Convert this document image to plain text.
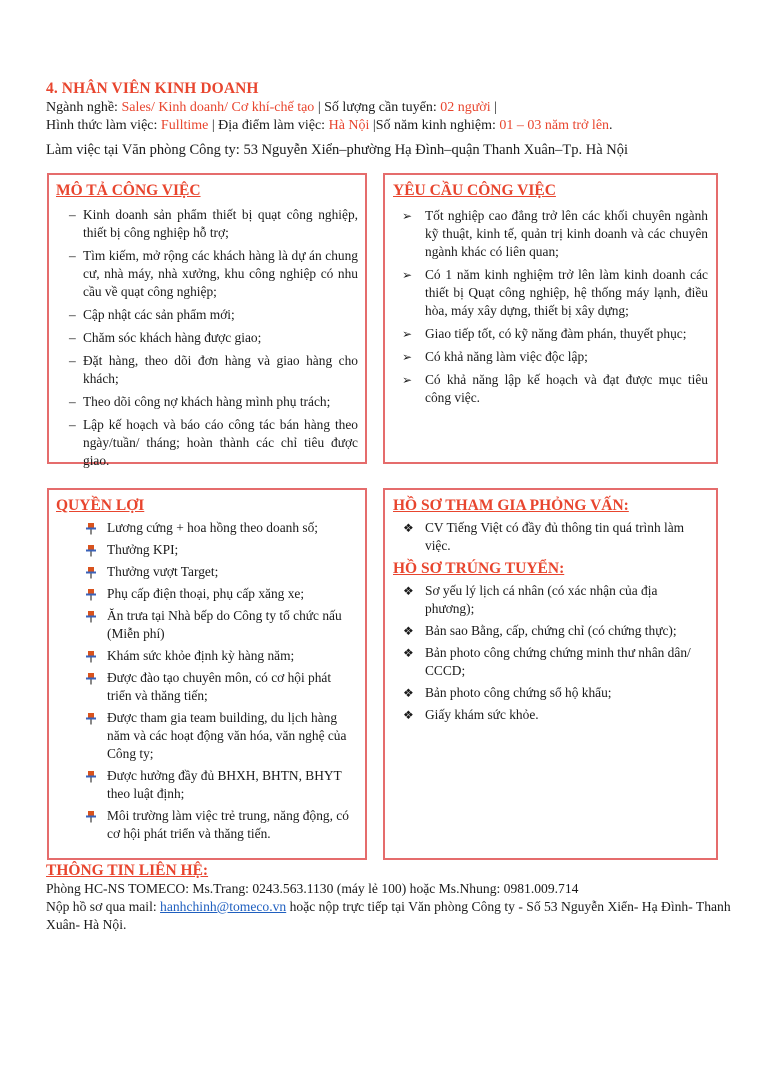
4. NHÂN VIÊN KINH DOANH
Ngành nghề: Sales/ Kinh doanh/ Cơ khí-chế tạo | Số lượng cần tuyển: 02 người |
Hình thức làm việc: Fulltime | Địa điểm làm việc: Hà Nội |Số năm kinh nghiệm: 01 – 03 năm trở lên.
Làm việc tại Văn phòng Công ty: 53 Nguyễn Xiển–phường Hạ Đình–quận Thanh Xuân–Tp. Hà Nội
MÔ TẢ CÔNG VIỆC
– Kinh doanh sản phẩm thiết bị quạt công nghiệp, thiết bị công nghiệp hỗ trợ;
– Tìm kiếm, mở rộng các khách hàng là dự án chung cư, nhà máy, nhà xưởng, khu công nghiệp có nhu cầu về quạt công nghiệp;
– Cập nhật các sản phẩm mới;
– Chăm sóc khách hàng được giao;
– Đặt hàng, theo dõi đơn hàng và giao hàng cho khách;
– Theo dõi công nợ khách hàng mình phụ trách;
– Lập kế hoạch và báo cáo công tác bán hàng theo ngày/tuần/ tháng; hoàn thành các chỉ tiêu được giao.
YÊU CẦU CÔNG VIỆC
➢ Tốt nghiệp cao đẳng trở lên các khối chuyên ngành kỹ thuật, kinh tế, quản trị kinh doanh và các chuyên ngành khác có liên quan;
➢ Có 1 năm kinh nghiệm trở lên làm kinh doanh các thiết bị Quạt công nghiệp, hệ thống máy lạnh, điều hòa, máy xây dựng, thiết bị xây dựng;
➢ Giao tiếp tốt, có kỹ năng đàm phán, thuyết phục;
➢ Có khả năng làm việc độc lập;
➢ Có khả năng lập kế hoạch và đạt được mục tiêu công việc.
QUYỀN LỢI
Lương cứng + hoa hồng theo doanh số;
Thưởng KPI;
Thưởng vượt Target;
Phụ cấp điện thoại, phụ cấp xăng xe;
Ăn trưa tại Nhà bếp do Công ty tổ chức nấu (Miễn phí)
Khám sức khỏe định kỳ hàng năm;
Được đào tạo chuyên môn, có cơ hội phát triển và thăng tiến;
Được tham gia team building, du lịch hàng năm và các hoạt động văn hóa, văn nghệ của Công ty;
Được hưởng đầy đủ BHXH, BHTN, BHYT theo luật định;
Môi trường làm việc trẻ trung, năng động, có cơ hội phát triển và thăng tiến.
HỒ SƠ THAM GIA PHỎNG VẤN:
❖ CV Tiếng Việt có đầy đủ thông tin quá trình làm việc.
HỒ SƠ TRÚNG TUYỂN:
❖ Sơ yếu lý lịch cá nhân (có xác nhận của địa phương);
❖ Bản sao Bằng, cấp, chứng chỉ (có chứng thực);
❖ Bản photo công chứng chứng minh thư nhân dân/ CCCD;
❖ Bản photo công chứng sổ hộ khẩu;
❖ Giấy khám sức khỏe.
THÔNG TIN LIÊN HỆ:
Phòng HC-NS TOMECO: Ms.Trang: 0243.563.1130 (máy lẻ 100) hoặc Ms.Nhung: 0981.009.714
Nộp hồ sơ qua mail: hanhchinh@tomeco.vn hoặc nộp trực tiếp tại Văn phòng Công ty - Số 53 Nguyễn Xiển- Hạ Đình- Thanh Xuân- Hà Nội.
